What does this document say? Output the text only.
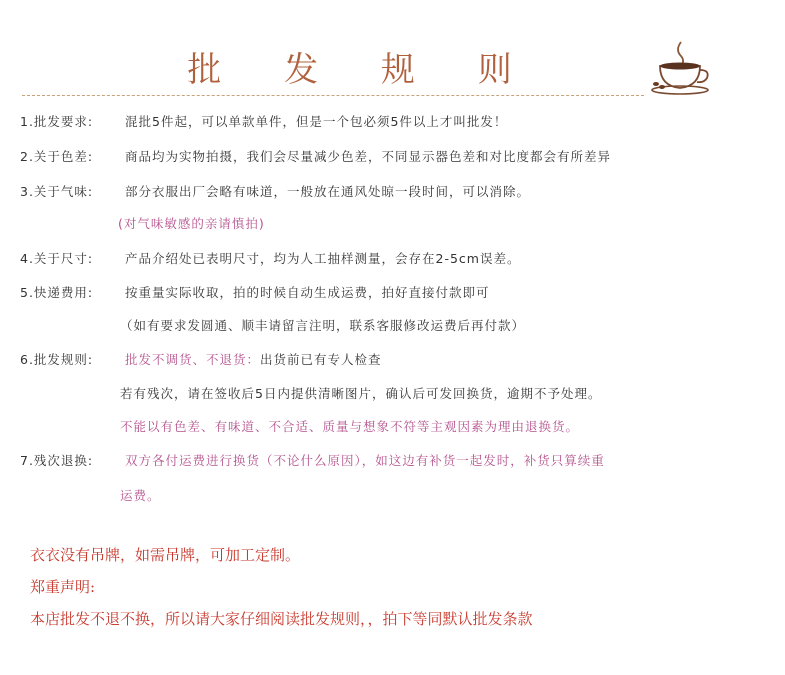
批 发 规 则
1.批发要求:	混批5件起，可以单款单件，但是一个包必须5件以上才叫批发！
2.关于色差:	商品均为实物拍摄，我们会尽量减少色差，不同显示器色差和对比度都会有所差异
3.关于气味:	部分衣服出厂会略有味道，一般放在通风处晾一段时间，可以消除。
(对气味敏感的亲请慎拍)
4.关于尺寸:	产品介绍处已表明尺寸，均为人工抽样测量，会存在2-5cm误差。
5.快递费用:	按重量实际收取，拍的时候自动生成运费，拍好直接付款即可
（如有要求发圆通、顺丰请留言注明，联系客服修改运费后再付款）
6.批发规则:	批发不调货、不退货：出货前已有专人检查
若有残次，请在签收后5日内提供清晰图片，确认后可发回换货，逾期不予处理。
不能以有色差、有味道、不合适、质量与想象不符等主观因素为理由退换货。
7.残次退换:	双方各付运费进行换货（不论什么原因），如这边有补货一起发时，补货只算续重
运费。
衣衣没有吊牌，如需吊牌，可加工定制。
郑重声明:
本店批发不退不换，所以请大家仔细阅读批发规则，，拍下等同默认批发条款
